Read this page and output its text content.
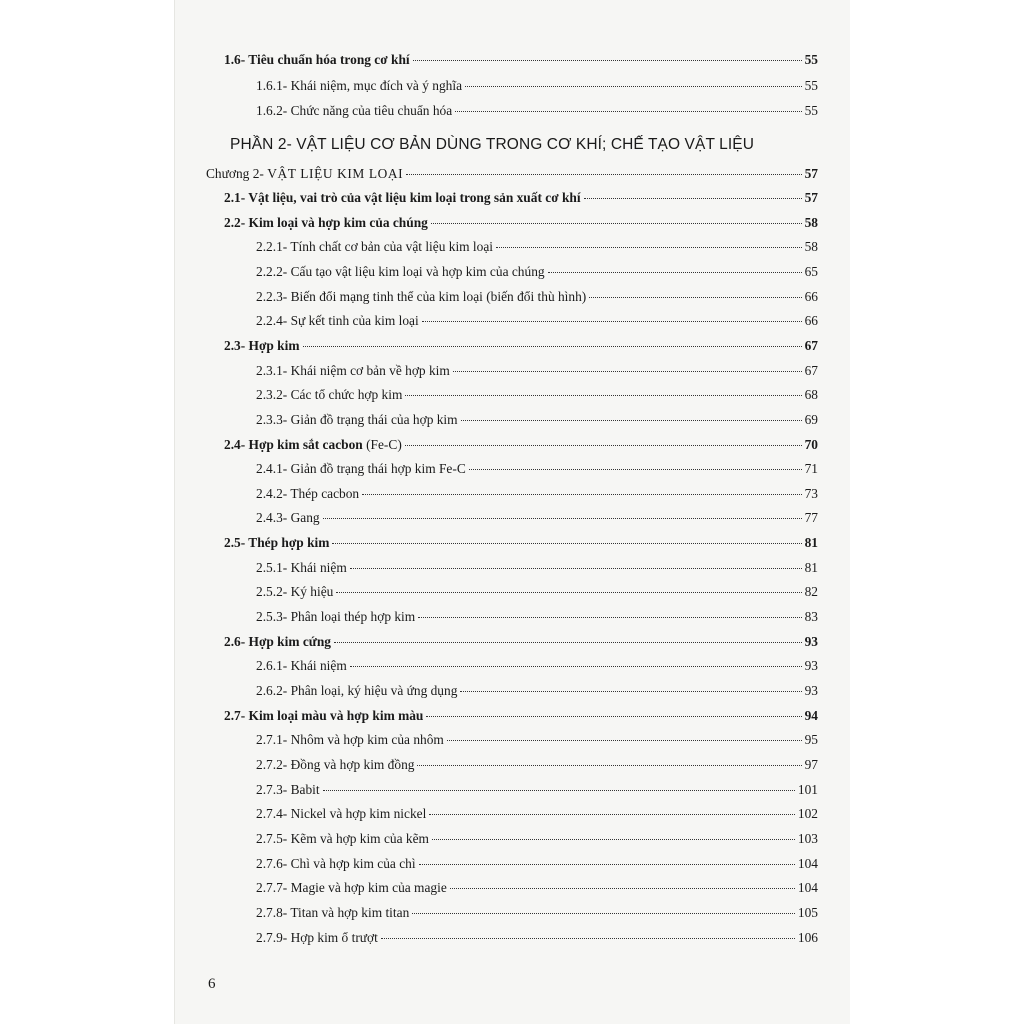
PHẦN 2- VẬT LIỆU CƠ BẢN DÙNG TRONG CƠ KHÍ; CHẾ TẠO VẬT LIỆU
Chương 2- VẬT LIỆU KIM LOẠI	57
1.6- Tiêu chuẩn hóa trong cơ khí	55
1.6.1- Khái niệm, mục đích và ý nghĩa	55
1.6.2- Chức năng của tiêu chuẩn hóa	55
2.1- Vật liệu, vai trò của vật liệu kim loại trong sản xuất cơ khí	57
2.2- Kim loại và hợp kim của chúng	58
2.2.1- Tính chất cơ bản của vật liệu kim loại	58
2.2.2- Cấu tạo vật liệu kim loại và hợp kim của chúng	65
2.2.3- Biến đổi mạng tinh thể của kim loại (biến đổi thù hình)	66
2.2.4- Sự kết tinh của kim loại	66
2.3- Hợp kim	67
2.3.1- Khái niệm cơ bản về hợp kim	67
2.3.2- Các tổ chức hợp kim	68
2.3.3- Giản đồ trạng thái của hợp kim	69
2.4- Hợp kim sắt cacbon (Fe-C)	70
2.4.1- Giản đồ trạng thái hợp kim Fe-C	71
2.4.2- Thép cacbon	73
2.4.3- Gang	77
2.5- Thép hợp kim	81
2.5.1- Khái niệm	81
2.5.2- Ký hiệu	82
2.5.3- Phân loại thép hợp kim	83
2.6- Hợp kim cứng	93
2.6.1- Khái niệm	93
2.6.2- Phân loại, ký hiệu và ứng dụng	93
2.7- Kim loại màu và hợp kim màu	94
2.7.1- Nhôm và hợp kim của nhôm	95
2.7.2- Đồng và hợp kim đồng	97
2.7.3- Babit	101
2.7.4- Nickel và hợp kim nickel	102
2.7.5- Kẽm và hợp kim của kẽm	103
2.7.6- Chì và hợp kim của chì	104
2.7.7- Magie và hợp kim của magie	104
2.7.8- Titan và hợp kim titan	105
2.7.9- Hợp kim ổ trượt	106
6
